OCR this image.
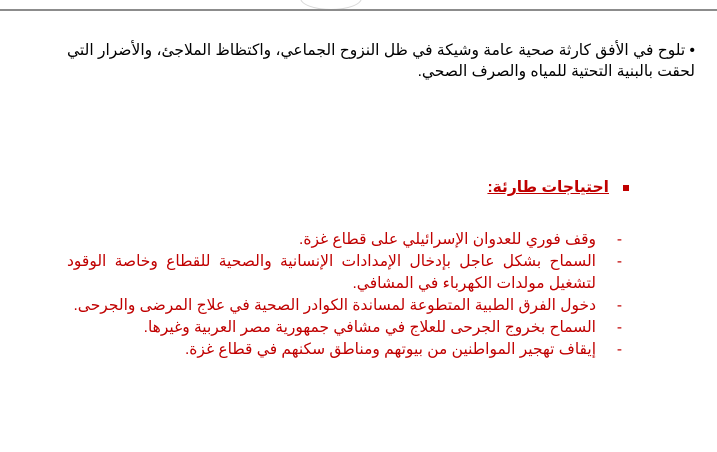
• تلوح في الأفق كارثة صحية عامة وشيكة في ظل النزوح الجماعي، واكتظاظ الملاجئ، والأضرار التي لحقت بالبنية التحتية للمياه والصرف الصحي.

احتياجات طارئة:
-
وقف فوري للعدوان الإسرائيلي على قطاع غزة.
-
السماح بشكل عاجل بإدخال الإمدادات الإنسانية والصحية للقطاع وخاصة الوقود لتشغيل مولدات الكهرباء في المشافي.
-
دخول الفرق الطبية المتطوعة لمساندة الكوادر الصحية في علاج المرضى والجرحى.
-
السماح بخروج الجرحى للعلاج في مشافي جمهورية مصر العربية وغيرها.
-
إيقاف تهجير المواطنين من بيوتهم ومناطق سكنهم في قطاع غزة.
